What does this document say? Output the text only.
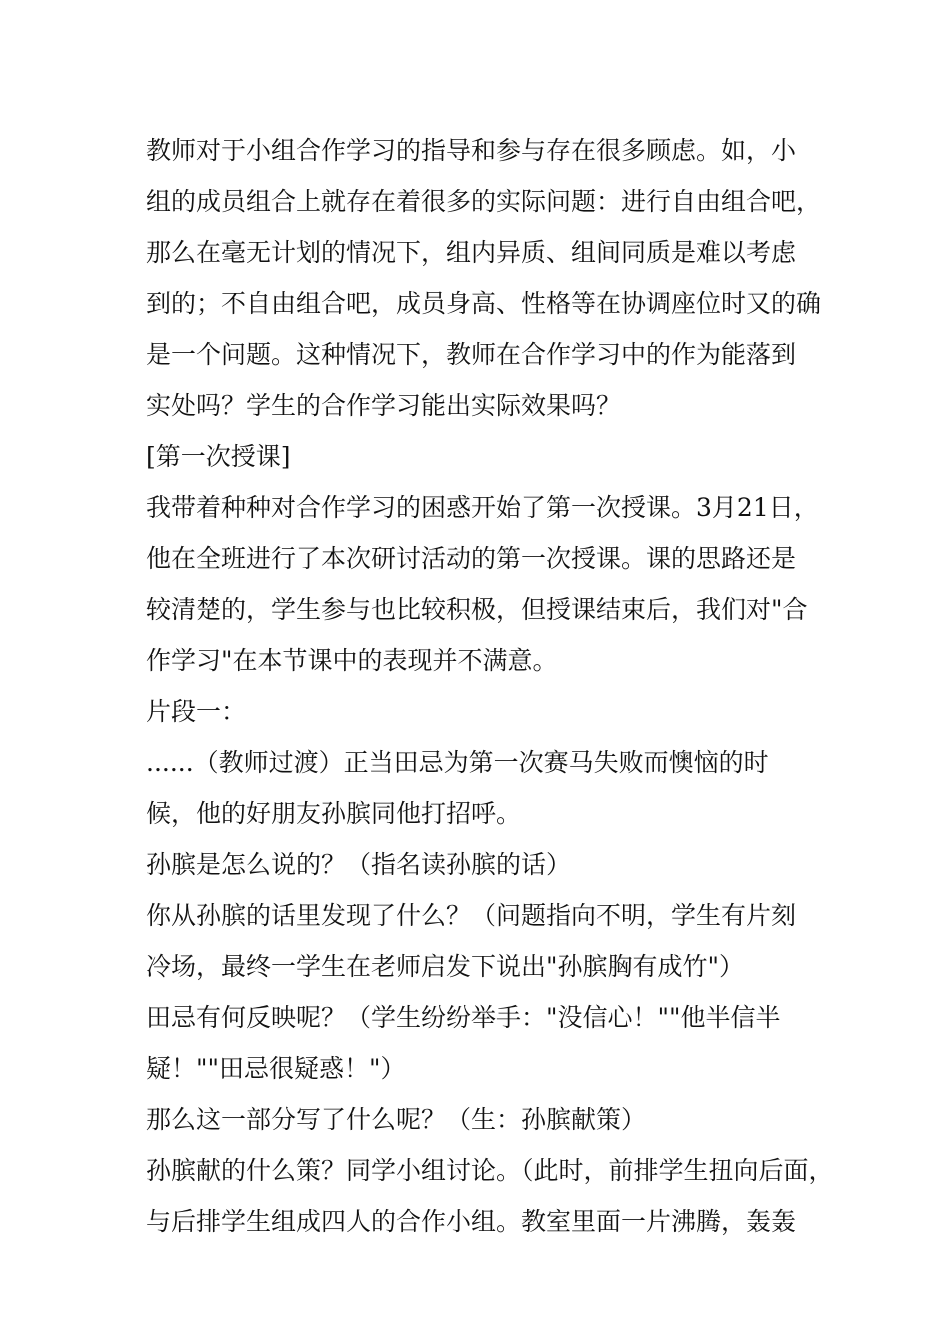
教师对于小组合作学习的指导和参与存在很多顾虑。如，小
组的成员组合上就存在着很多的实际问题：进行自由组合吧，
那么在毫无计划的情况下，组内异质、组间同质是难以考虑
到的；不自由组合吧，成员身高、性格等在协调座位时又的确
是一个问题。这种情况下，教师在合作学习中的作为能落到
实处吗？学生的合作学习能出实际效果吗？
[第一次授课]
我带着种种对合作学习的困惑开始了第一次授课。3月21日，
他在全班进行了本次研讨活动的第一次授课。课的思路还是
较清楚的，学生参与也比较积极，但授课结束后，我们对"合
作学习"在本节课中的表现并不满意。
片段一：
......（教师过渡）正当田忌为第一次赛马失败而懊恼的时
候，他的好朋友孙膑同他打招呼。
孙膑是怎么说的？（指名读孙膑的话）
你从孙膑的话里发现了什么？（问题指向不明，学生有片刻
冷场，最终一学生在老师启发下说出"孙膑胸有成竹"）
田忌有何反映呢？（学生纷纷举手："没信心！""他半信半
疑！""田忌很疑惑！"）
那么这一部分写了什么呢？（生：孙膑献策）
孙膑献的什么策？同学小组讨论。（此时，前排学生扭向后面，
与后排学生组成四人的合作小组。教室里面一片沸腾，轰轰
